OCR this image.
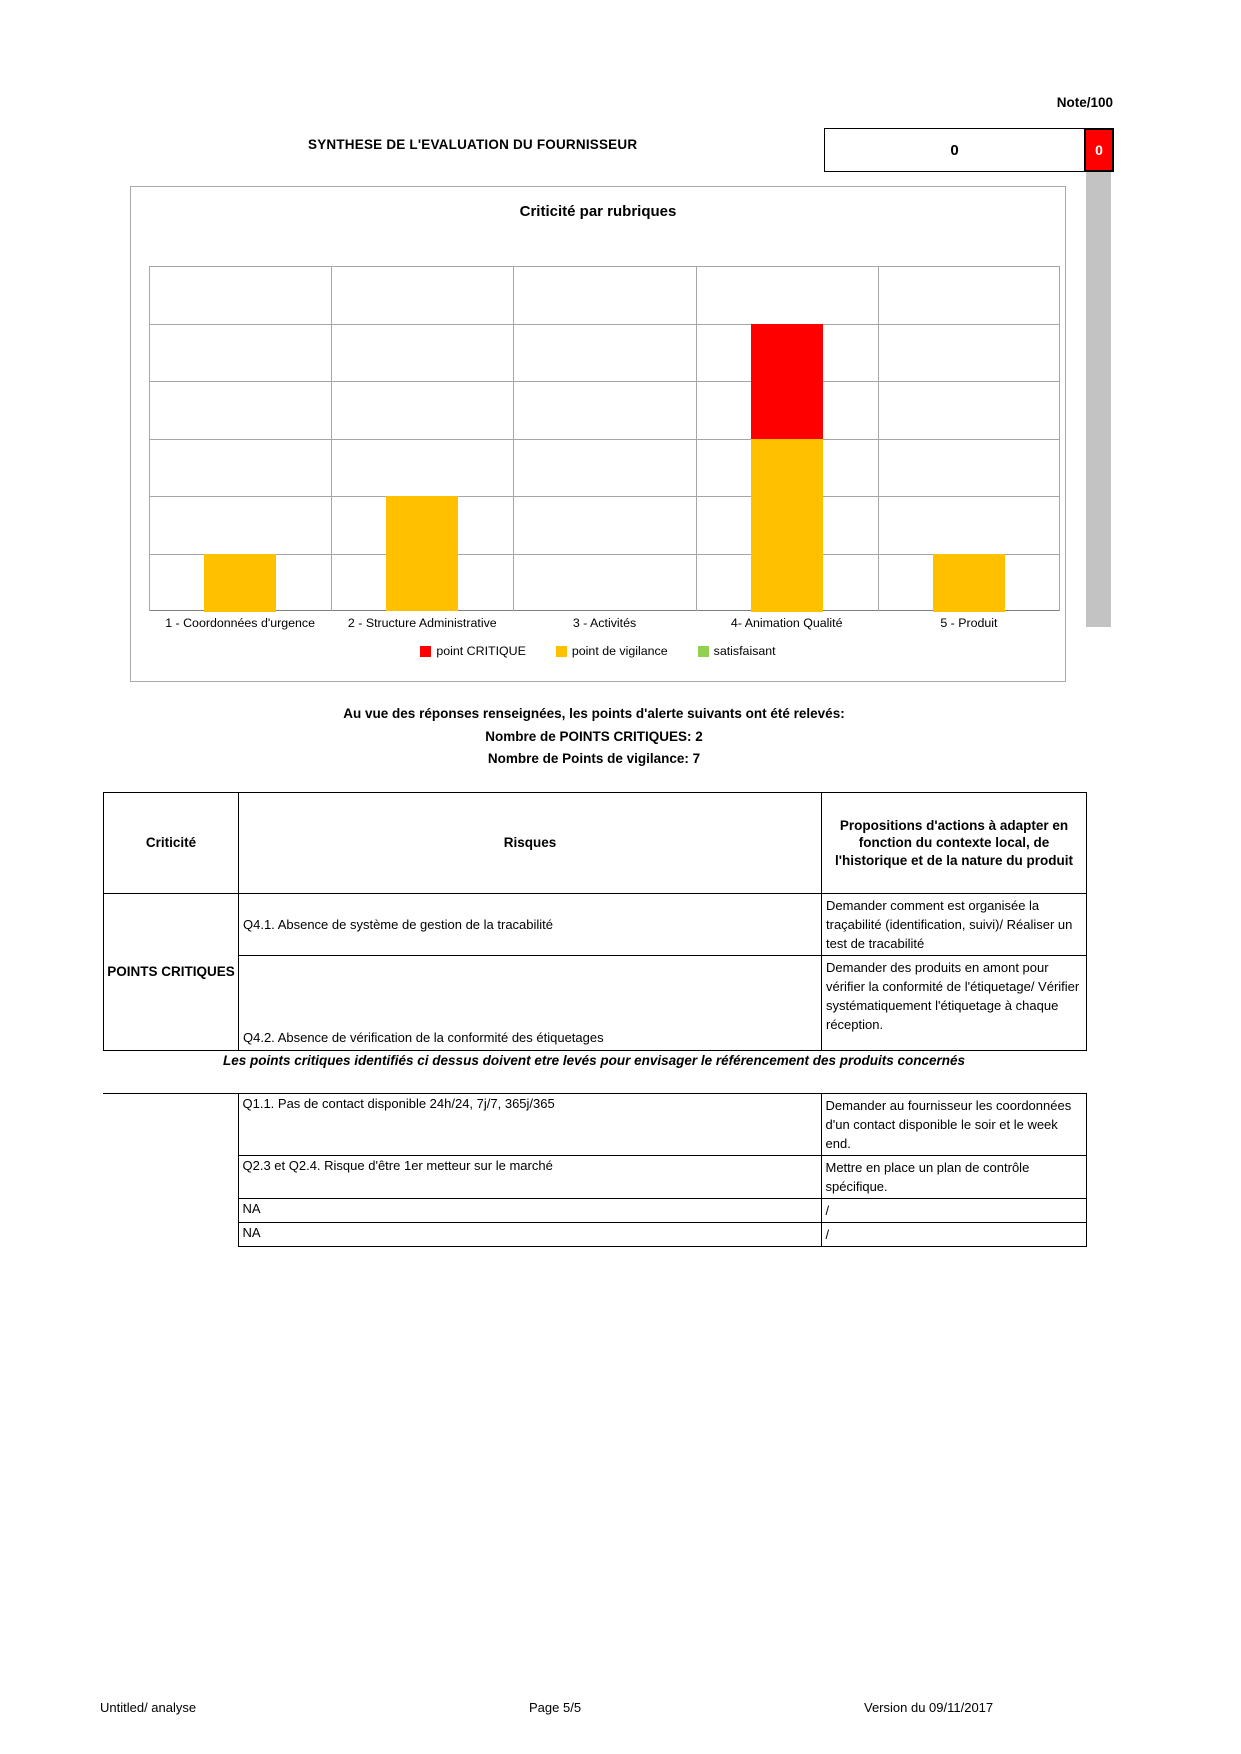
Note/100
SYNTHESE DE L'EVALUATION DU FOURNISSEUR	0	0
Criticité par rubriques
1 - Coordonnées d'urgence	2 - Structure Administrative	3 - Activités	4- Animation Qualité	5 - Produit
point CRITIQUE	point de vigilance	satisfaisant
Au vue des réponses renseignées, les points d'alerte suivants ont été relevés:
Nombre de POINTS CRITIQUES: 2
Nombre de Points de vigilance: 7
Criticité	Risques	Propositions d'actions à adapter en fonction du contexte local, de l'historique et de la nature du produit
POINTS CRITIQUES	Q4.1. Absence de système de gestion de la tracabilité	Demander comment est organisée la traçabilité (identification, suivi)/ Réaliser un test de tracabilité
	Q4.2. Absence de vérification de la conformité des étiquetages	Demander des produits en amont pour vérifier la conformité de l'étiquetage/ Vérifier systématiquement l'étiquetage à chaque réception.
Les points critiques identifiés ci dessus doivent etre levés pour envisager le référencement des produits concernés
	Q1.1. Pas de contact disponible 24h/24, 7j/7, 365j/365	Demander au fournisseur les coordonnées d'un contact disponible le soir et le week end.
	Q2.3 et Q2.4. Risque d'être 1er metteur sur le marché	Mettre en place un plan de contrôle spécifique.
	NA	/
	NA	/
Untitled/ analyse	Page 5/5	Version du 09/11/2017
